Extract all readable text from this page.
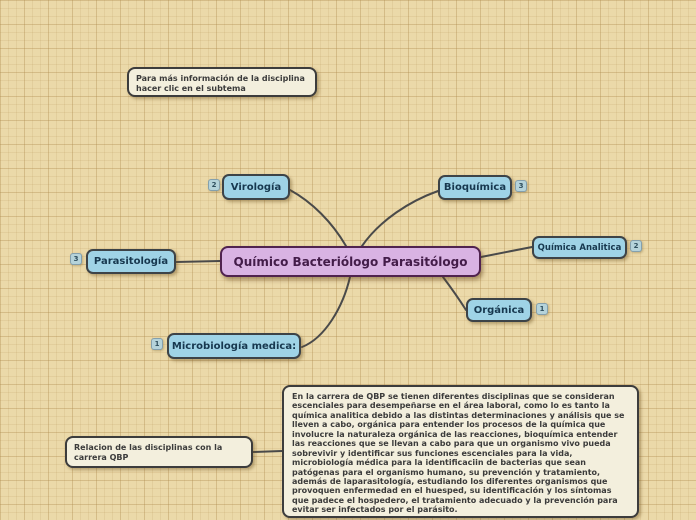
Para más información de la disciplina hacer clic en el subtema
Virología
2	Bioquímica	3
Química Analitica	2
Químico Bacteriólogo Parasitólogo
Parasitología
3
Orgánica	1
Microbiología medica:
1
Relacion de las disciplinas con la carrera QBP
En la carrera de QBP se tienen diferentes disciplinas que se consideran escenciales para desempeñarse en el área laboral, como lo es tanto la química analitica debido a las distintas determinaciones y análisis que se lleven a cabo, orgánica para entender los procesos de la química que involucre la naturaleza orgánica de las reacciones, bioquímica entender las reacciones que se llevan a cabo para que un organismo vivo pueda sobrevivir y identificar sus funciones escenciales para la vida, microbiología médica para la identificaciin de bacterias que sean patógenas para el organismo humano, su prevención y tratamiento, además de laparasitología, estudiando los diferentes organismos que provoquen enfermedad en el huesped, su identificación y los síntomas que padece el hospedero, el tratamiento adecuado y la prevención para evitar ser infectados por el parásito.
